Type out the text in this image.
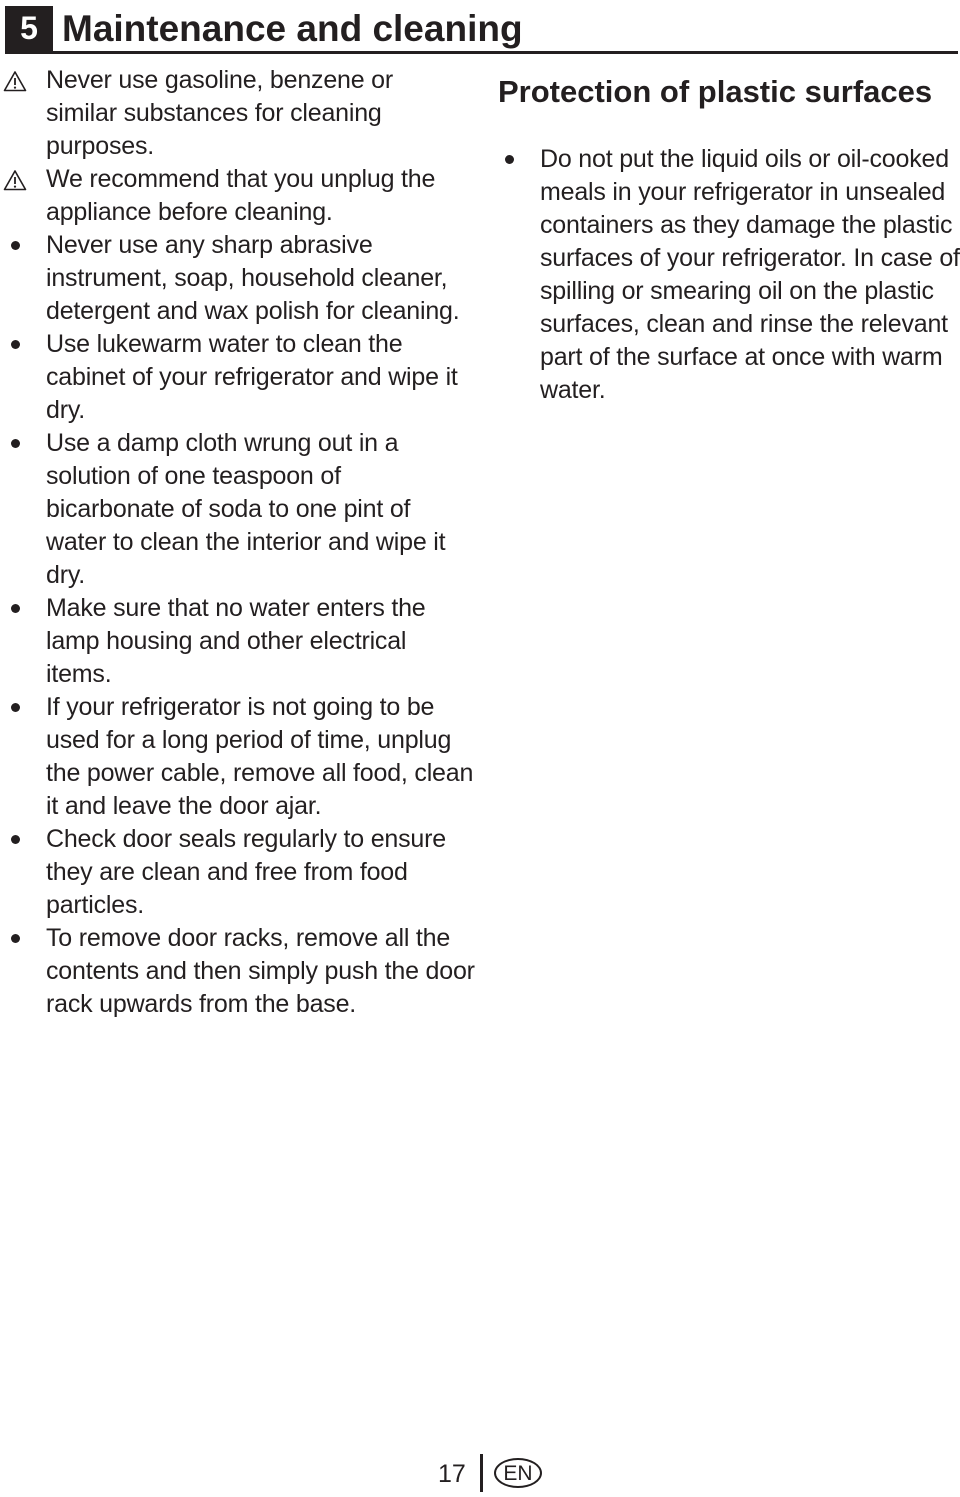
5 Maintenance and cleaning
Never use gasoline, benzene or similar substances for cleaning purposes.
We recommend that you unplug the appliance before cleaning.
Never use any sharp abrasive instrument, soap, household cleaner, detergent and wax polish for cleaning.
Use lukewarm water to clean the cabinet of your refrigerator and wipe it dry.
Use a damp cloth wrung out in a solution of one teaspoon of bicarbonate of soda to one pint of water to clean the interior and wipe it dry.
Make sure that no water enters the lamp housing and other electrical items.
If your refrigerator is not going to be used for a long period of time, unplug the power cable, remove all food, clean it and leave the door ajar.
Check door seals regularly to ensure they are clean and free from food particles.
To remove door racks, remove all the contents and then simply push the door rack upwards from the base.
Protection of plastic surfaces
Do not put the liquid oils or oil-cooked meals in your refrigerator in unsealed containers as they damage the plastic surfaces of your refrigerator. In case of spilling or smearing oil on the plastic surfaces, clean and rinse the relevant part of the surface at once with warm water.
17	EN
